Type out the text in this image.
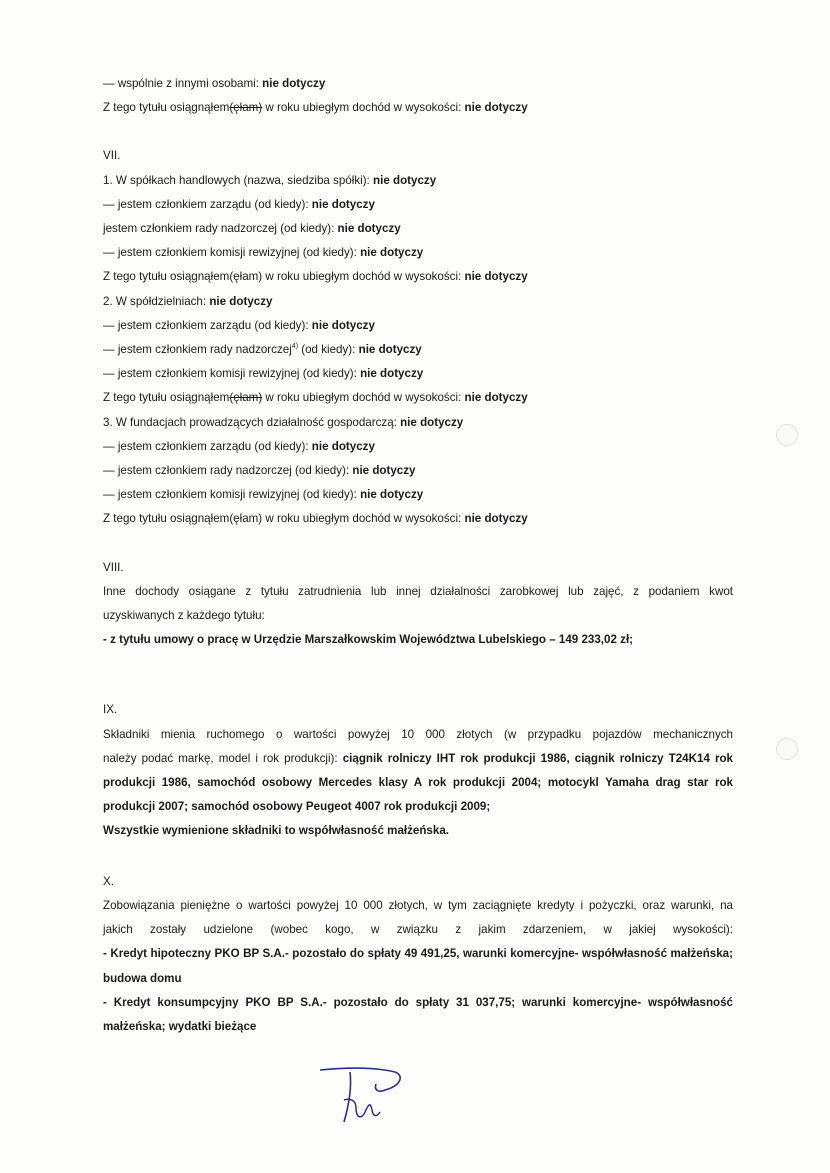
— wspólnie z innymi osobami: nie dotyczy
Z tego tytułu osiągnąłem(ęłam) w roku ubiegłym dochód w wysokości: nie dotyczy
VII.
1. W spółkach handlowych (nazwa, siedziba spółki): nie dotyczy
— jestem członkiem zarządu (od kiedy): nie dotyczy
jestem członkiem rady nadzorczej (od kiedy): nie dotyczy
— jestem członkiem komisji rewizyjnej (od kiedy): nie dotyczy
Z tego tytułu osiągnąłem(ęłam) w roku ubiegłym dochód w wysokości: nie dotyczy
2. W spółdzielniach: nie dotyczy
— jestem członkiem zarządu (od kiedy): nie dotyczy
— jestem członkiem rady nadzorczej$^{4)}$ (od kiedy): nie dotyczy
— jestem członkiem komisji rewizyjnej (od kiedy): nie dotyczy
Z tego tytułu osiągnąłem(ęłam) w roku ubiegłym dochód w wysokości: nie dotyczy
3. W fundacjach prowadzących działalność gospodarczą: nie dotyczy
— jestem członkiem zarządu (od kiedy): nie dotyczy
— jestem członkiem rady nadzorczej (od kiedy): nie dotyczy
— jestem członkiem komisji rewizyjnej (od kiedy): nie dotyczy
Z tego tytułu osiągnąłem(ęłam) w roku ubiegłym dochód w wysokości: nie dotyczy
VIII.
Inne dochody osiągane z tytułu zatrudnienia lub innej działalności zarobkowej lub zajęć, z podaniem kwot
uzyskiwanych z każdego tytułu:
- z tytułu umowy o pracę w Urzędzie Marszałkowskim Województwa Lubelskiego – 149 233,02 zł;
IX.
Składniki mienia ruchomego o wartości powyżej 10 000 złotych (w przypadku pojazdów mechanicznych
należy podać markę, model i rok produkcji): ciągnik rolniczy IHT rok produkcji 1986, ciągnik rolniczy T24K14 rok
produkcji 1986, samochód osobowy Mercedes klasy A rok produkcji 2004; motocykl Yamaha drag star rok
produkcji 2007; samochód osobowy Peugeot 4007 rok produkcji 2009;
Wszystkie wymienione składniki to współwłasność małżeńska.
X.
Zobowiązania pieniężne o wartości powyżej 10 000 złotych, w tym zaciągnięte kredyty i pożyczki, oraz warunki, na
jakich zostały udzielone (wobec kogo, w związku z jakim zdarzeniem, w jakiej wysokości):
- Kredyt hipoteczny PKO BP S.A.- pozostało do spłaty 49 491,25, warunki komercyjne- współwłasność małżeńska;
budowa domu
- Kredyt konsumpcyjny PKO BP S.A.- pozostało do spłaty 31 037,75; warunki komercyjne- współwłasność
małżeńska; wydatki bieżące
